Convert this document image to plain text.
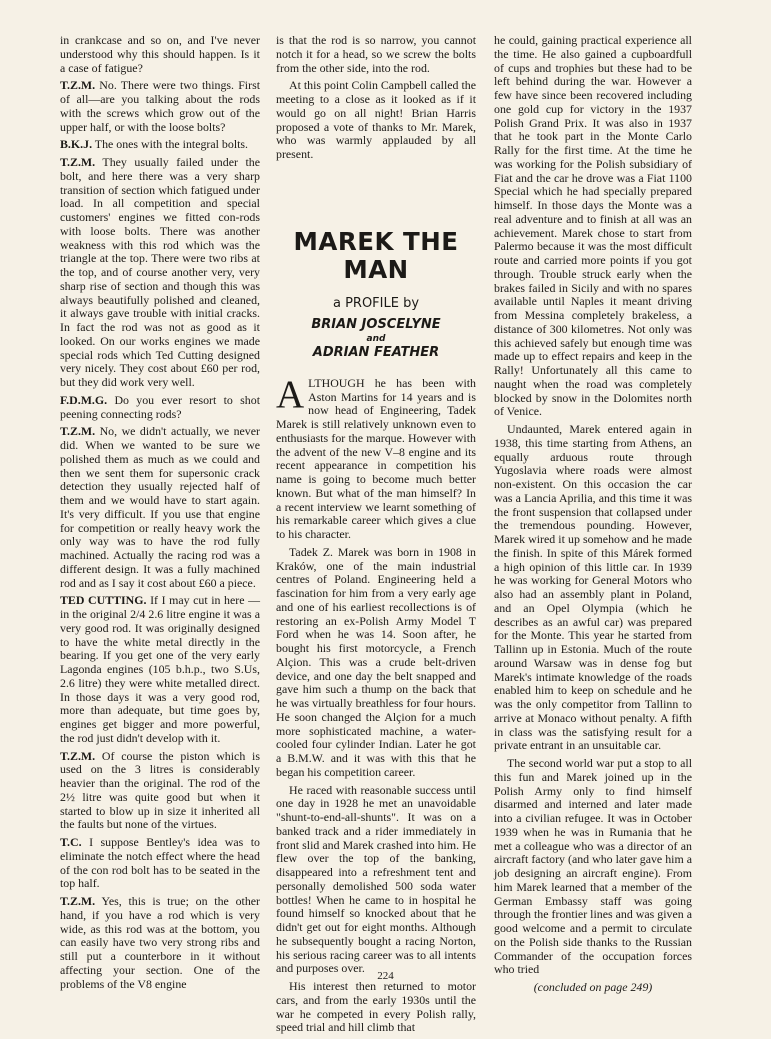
in crankcase and so on, and I've never understood why this should happen. Is it a case of fatigue?

T.Z.M. No. There were two things. First of all—are you talking about the rods with the screws which grow out of the upper half, or with the loose bolts?

B.K.J. The ones with the integral bolts.

T.Z.M. They usually failed under the bolt, and here there was a very sharp transition of section which fatigued under load. In all competition and special customers' engines we fitted con-rods with loose bolts. There was another weakness with this rod which was the triangle at the top. There were two ribs at the top, and of course another very, very sharp rise of section and though this was always beautifully polished and cleaned, it always gave trouble with initial cracks. In fact the rod was not as good as it looked. On our works engines we made special rods which Ted Cutting designed very nicely. They cost about £60 per rod, but they did work very well.

F.D.M.G. Do you ever resort to shot peening connecting rods?

T.Z.M. No, we didn't actually, we never did. When we wanted to be sure we polished them as much as we could and then we sent them for supersonic crack detection they usually rejected half of them and we would have to start again. It's very difficult. If you use that engine for competition or really heavy work the only way was to have the rod fully machined. Actually the racing rod was a different design. It was a fully machined rod and as I say it cost about £60 a piece.

TED CUTTING. If I may cut in here — in the original 2/4 2.6 litre engine it was a very good rod. It was originally designed to have the white metal directly in the bearing. If you get one of the very early Lagonda engines (105 b.h.p., two S.Us, 2.6 litre) they were white metalled direct. In those days it was a very good rod, more than adequate, but time goes by, engines get bigger and more powerful, the rod just didn't develop with it.

T.Z.M. Of course the piston which is used on the 3 litres is considerably heavier than the original. The rod of the 2½ litre was quite good but when it started to blow up in size it inherited all the faults but none of the virtues.

T.C. I suppose Bentley's idea was to eliminate the notch effect where the head of the con rod bolt has to be seated in the top half.

T.Z.M. Yes, this is true; on the other hand, if you have a rod which is very wide, as this rod was at the bottom, you can easily have two very strong ribs and still put a counterbore in it without affecting your section. One of the problems of the V8 engine

is that the rod is so narrow, you cannot notch it for a head, so we screw the bolts from the other side, into the rod.

At this point Colin Campbell called the meeting to a close as it looked as if it would go on all night! Brian Harris proposed a vote of thanks to Mr. Marek, who was warmly applauded by all present.

MAREK THE MAN
a PROFILE by
BRIAN JOSCELYNE
and
ADRIAN FEATHER

ALTHOUGH he has been with Aston Martins for 14 years and is now head of Engineering, Tadek Marek is still relatively unknown even to enthusiasts for the marque. However with the advent of the new V–8 engine and its recent appearance in competition his name is going to become much better known. But what of the man himself? In a recent interview we learnt something of his remarkable career which gives a clue to his character.

Tadek Z. Marek was born in 1908 in Kraków, one of the main industrial centres of Poland. Engineering held a fascination for him from a very early age and one of his earliest recollections is of restoring an ex-Polish Army Model T Ford when he was 14. Soon after, he bought his first motorcycle, a French Alçion. This was a crude belt-driven device, and one day the belt snapped and gave him such a thump on the back that he was virtually breathless for four hours. He soon changed the Alçion for a much more sophisticated machine, a water-cooled four cylinder Indian. Later he got a B.M.W. and it was with this that he began his competition career.

He raced with reasonable success until one day in 1928 he met an unavoidable "shunt-to-end-all-shunts". It was on a banked track and a rider immediately in front slid and Marek crashed into him. He flew over the top of the banking, disappeared into a refreshment tent and personally demolished 500 soda water bottles! When he came to in hospital he found himself so knocked about that he didn't get out for eight months. Although he subsequently bought a racing Norton, his serious racing career was to all intents and purposes over.

His interest then returned to motor cars, and from the early 1930s until the war he competed in every Polish rally, speed trial and hill climb that

he could, gaining practical experience all the time. He also gained a cupboardfull of cups and trophies but these had to be left behind during the war. However a few have since been recovered including one gold cup for victory in the 1937 Polish Grand Prix. It was also in 1937 that he took part in the Monte Carlo Rally for the first time. At the time he was working for the Polish subsidiary of Fiat and the car he drove was a Fiat 1100 Special which he had specially prepared himself. In those days the Monte was a real adventure and to finish at all was an achievement. Marek chose to start from Palermo because it was the most difficult route and carried more points if you got through. Trouble struck early when the brakes failed in Sicily and with no spares available until Naples it meant driving from Messina completely brakeless, a distance of 300 kilometres. Not only was this achieved safely but enough time was made up to effect repairs and keep in the Rally! Unfortunately all this came to naught when the road was completely blocked by snow in the Dolomites north of Venice.

Undaunted, Marek entered again in 1938, this time starting from Athens, an equally arduous route through Yugoslavia where roads were almost non-existent. On this occasion the car was a Lancia Aprilia, and this time it was the front suspension that collapsed under the tremendous pounding. However, Marek wired it up somehow and he made the finish. In spite of this Márek formed a high opinion of this little car. In 1939 he was working for General Motors who also had an assembly plant in Poland, and an Opel Olympia (which he describes as an awful car) was prepared for the Monte. This year he started from Tallinn up in Estonia. Much of the route around Warsaw was in dense fog but Marek's intimate knowledge of the roads enabled him to keep on schedule and he was the only competitor from Tallinn to arrive at Monaco without penalty. A fifth in class was the satisfying result for a private entrant in an unsuitable car.

The second world war put a stop to all this fun and Marek joined up in the Polish Army only to find himself disarmed and interned and later made into a civilian refugee. It was in October 1939 when he was in Rumania that he met a colleague who was a director of an aircraft factory (and who later gave him a job designing an aircraft engine). From him Marek learned that a member of the German Embassy staff was going through the frontier lines and was given a good welcome and a permit to circulate on the Polish side thanks to the Russian Commander of the occupation forces who tried

(concluded on page 249)
224
